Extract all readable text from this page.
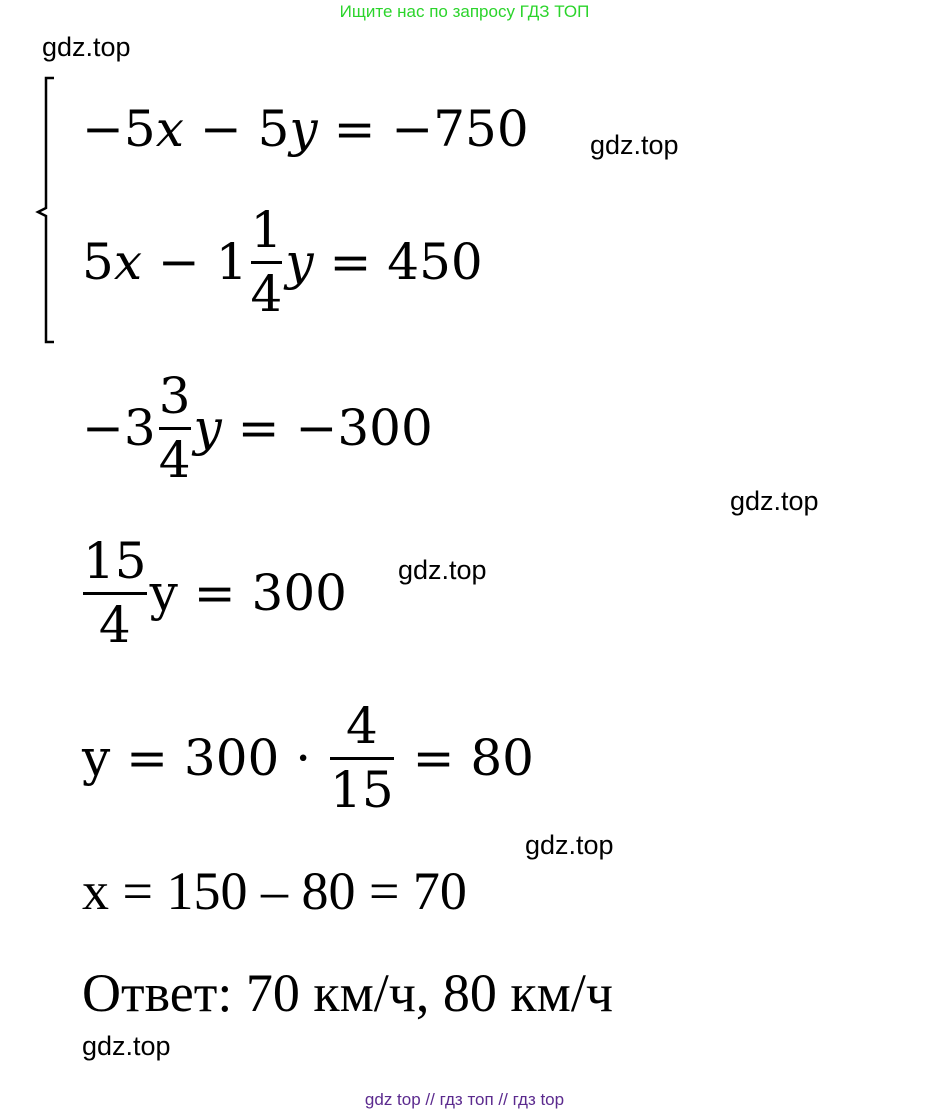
Ищите нас по запросу ГДЗ ТОП
gdz.top
gdz.top
gdz.top
gdz.top
gdz.top
gdz.top
−5 x − 5 y = −750
5 $x - 1 \frac{1}{4}$ y = 450
$-3 \frac{3}{4}$ y = −300
$\frac{15}{4}$ y = 300
$y = 300 \cdot \frac{4}{15} = 80$
x = 150 – 80 = 70
Ответ: 70 км/ч, 80 км/ч
gdz top // гдз топ // гдз top
